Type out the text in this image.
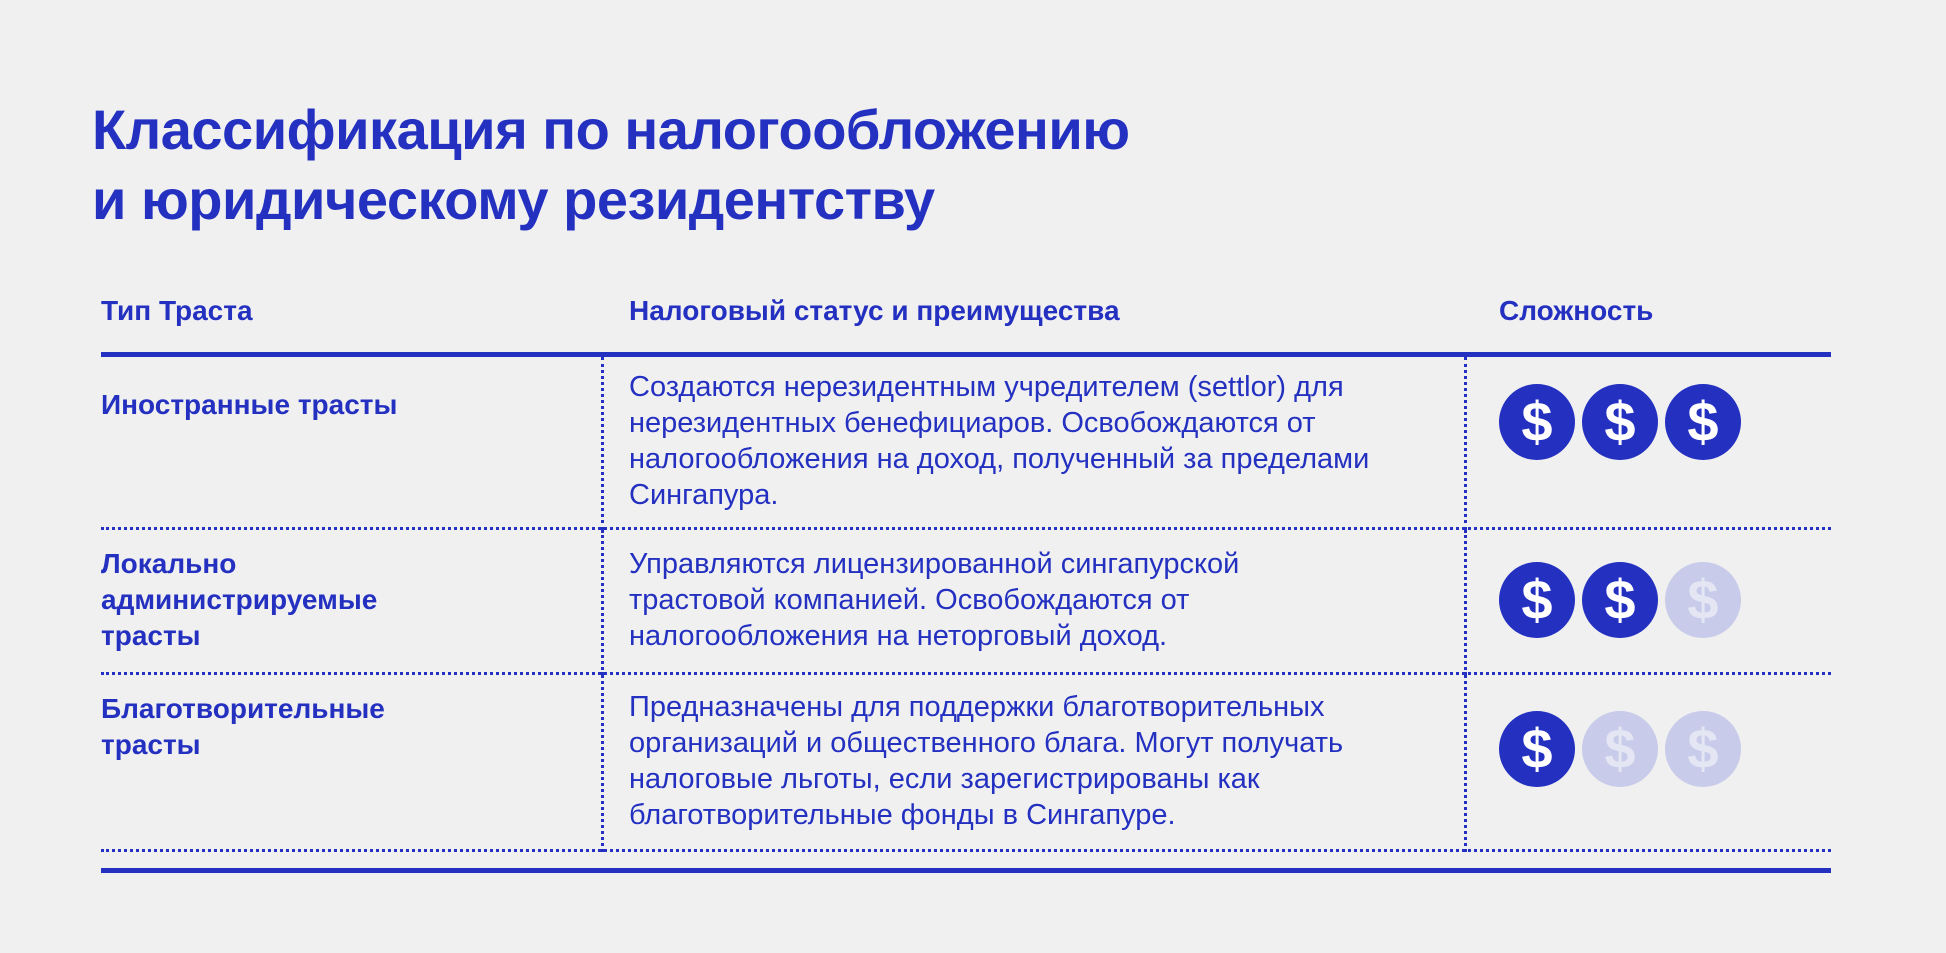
Классификация по налогообложению
и юридическому резидентству
Тип Траста	Налоговый статус и преимущества	Сложность
Иностранные трасты
Создаются нерезидентным учредителем (settlor) для
нерезидентных бенефициаров. Освобождаются от
налогообложения на доход, полученный за пределами
Сингапура.
$ $ $
Локально
администрируемые
трасты
Управляются лицензированной сингапурской
трастовой компанией. Освобождаются от
налогообложения на неторговый доход.
$ $ $
Благотворительные
трасты
Предназначены для поддержки благотворительных
организаций и общественного блага. Могут получать
налоговые льготы, если зарегистрированы как
благотворительные фонды в Сингапуре.
$ $ $
